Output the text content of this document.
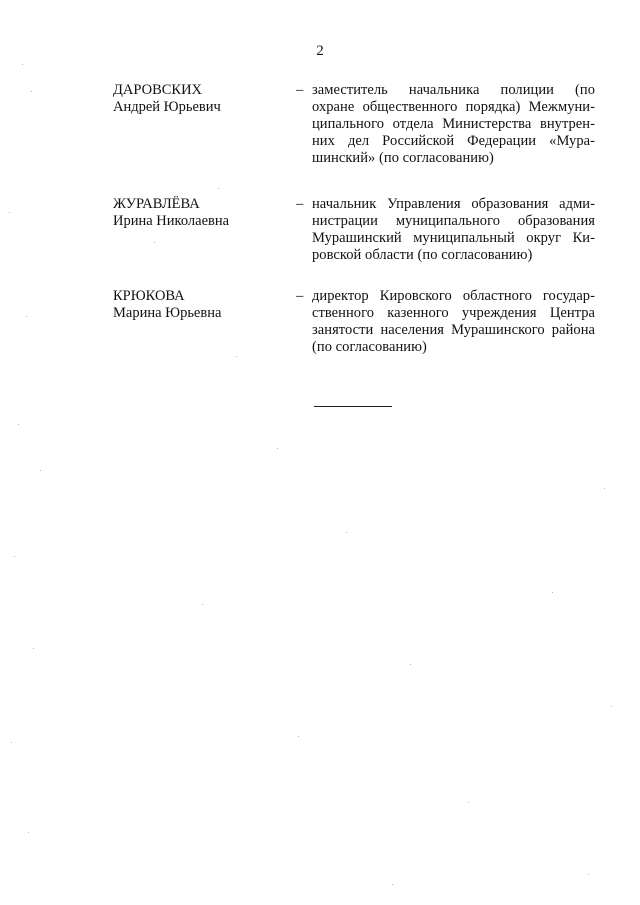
2
ДАРОВСКИХ
Андрей Юрьевич
– заместитель начальника полиции (по
охране общественного порядка) Межмуни-
ципального отдела Министерства внутрен-
них дел Российской Федерации «Мура-
шинский» (по согласованию)
ЖУРАВЛЁВА
Ирина Николаевна
– начальник Управления образования адми-
нистрации муниципального образования
Мурашинский муниципальный округ Ки-
ровской области (по согласованию)
КРЮКОВА
Марина Юрьевна
– директор Кировского областного государ-
ственного казенного учреждения Центра
занятости населения Мурашинского района
(по согласованию)
